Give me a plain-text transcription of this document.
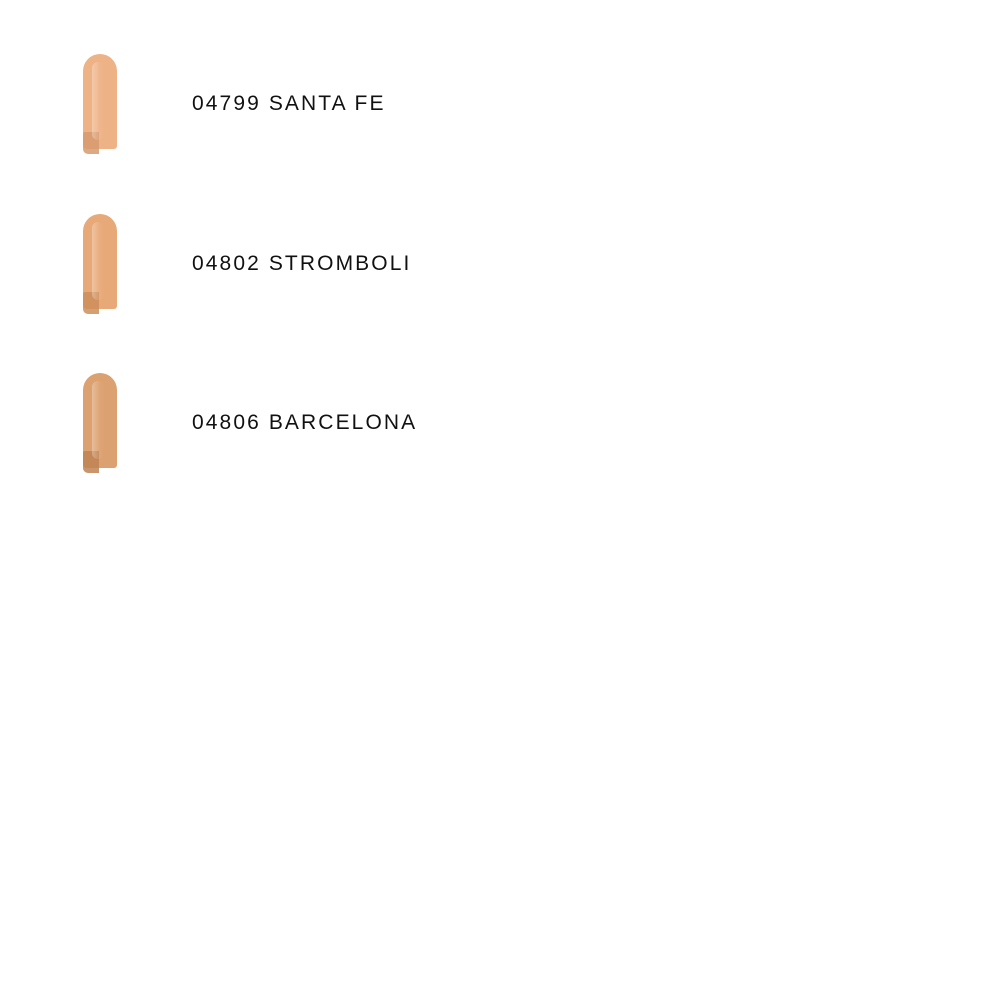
04799 SANTA FE
04802 STROMBOLI
04806 BARCELONA
